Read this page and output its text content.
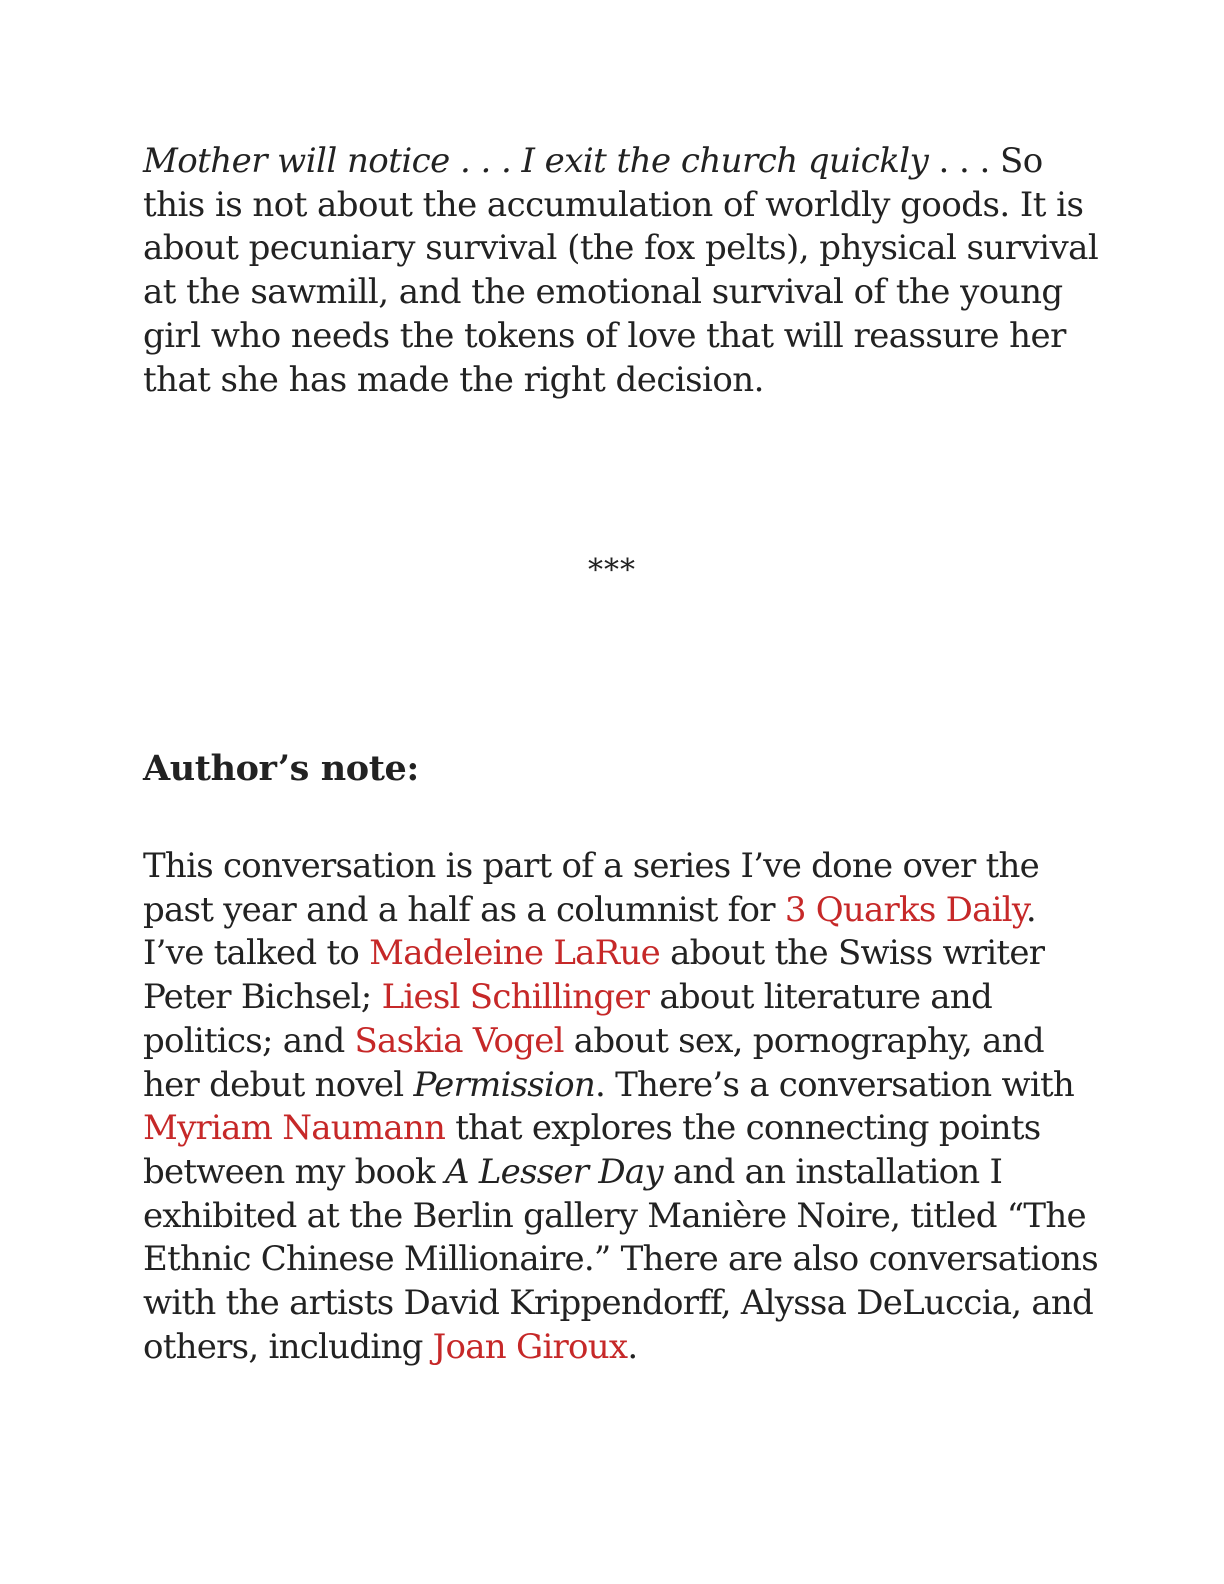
Mother will notice . . . I exit the church quickly . . . So this is not about the accumulation of worldly goods. It is about pecuniary survival (the fox pelts), physical survival at the sawmill, and the emotional survival of the young girl who needs the tokens of love that will reassure her that she has made the right decision.

***
Author’s note:

This conversation is part of a series I’ve done over the past year and a half as a columnist for 3 Quarks Daily. I’ve talked to Madeleine LaRue about the Swiss writer Peter Bichsel; Liesl Schillinger about literature and politics; and Saskia Vogel about sex, pornography, and her debut novel Permission. There’s a conversation with Myriam Naumann that explores the connecting points between my book A Lesser Day and an installation I exhibited at the Berlin gallery Manière Noire, titled “The Ethnic Chinese Millionaire.” There are also conversations with the artists David Krippendorff, Alyssa DeLuccia, and others, including Joan Giroux.
